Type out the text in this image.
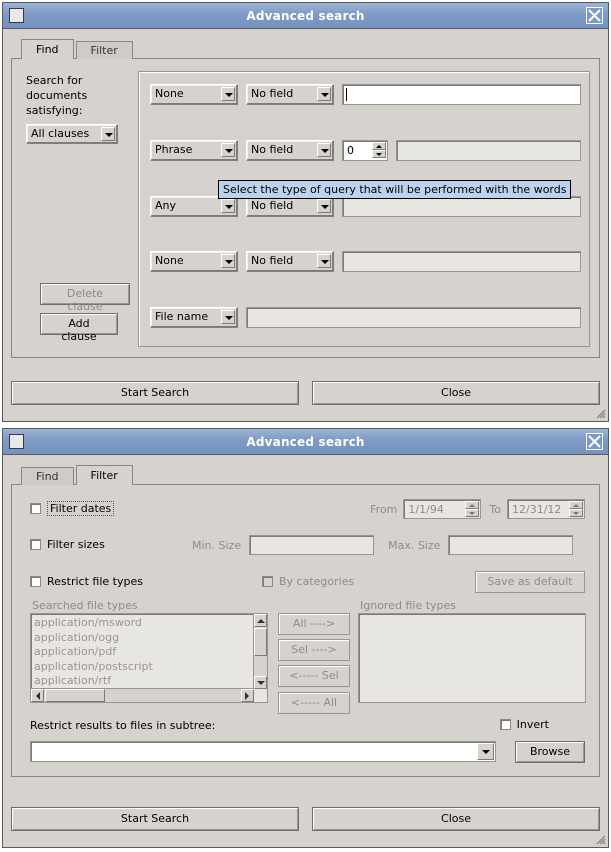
Advanced search
Find	Filter
Search for
documents
satisfying:
All clauses
Delete clause
Add clause
None	No field
Select the type of query that will be performed with the words
Phrase	No field	0
Any	No field
None	No field
File name
Start Search	Close
Advanced search
Find	Filter
Filter dates	From 1/1/94	To 12/31/12
Filter sizes	Min. Size	Max. Size
Restrict file types	By categories	Save as default
Searched file types
application/msword
application/ogg
application/pdf
application/postscript
application/rtf
All ---->
Sel ---->
<----- Sel
<----- All
Ignored file types
Restrict results to files in subtree:	Invert
Browse
Start Search	Close
